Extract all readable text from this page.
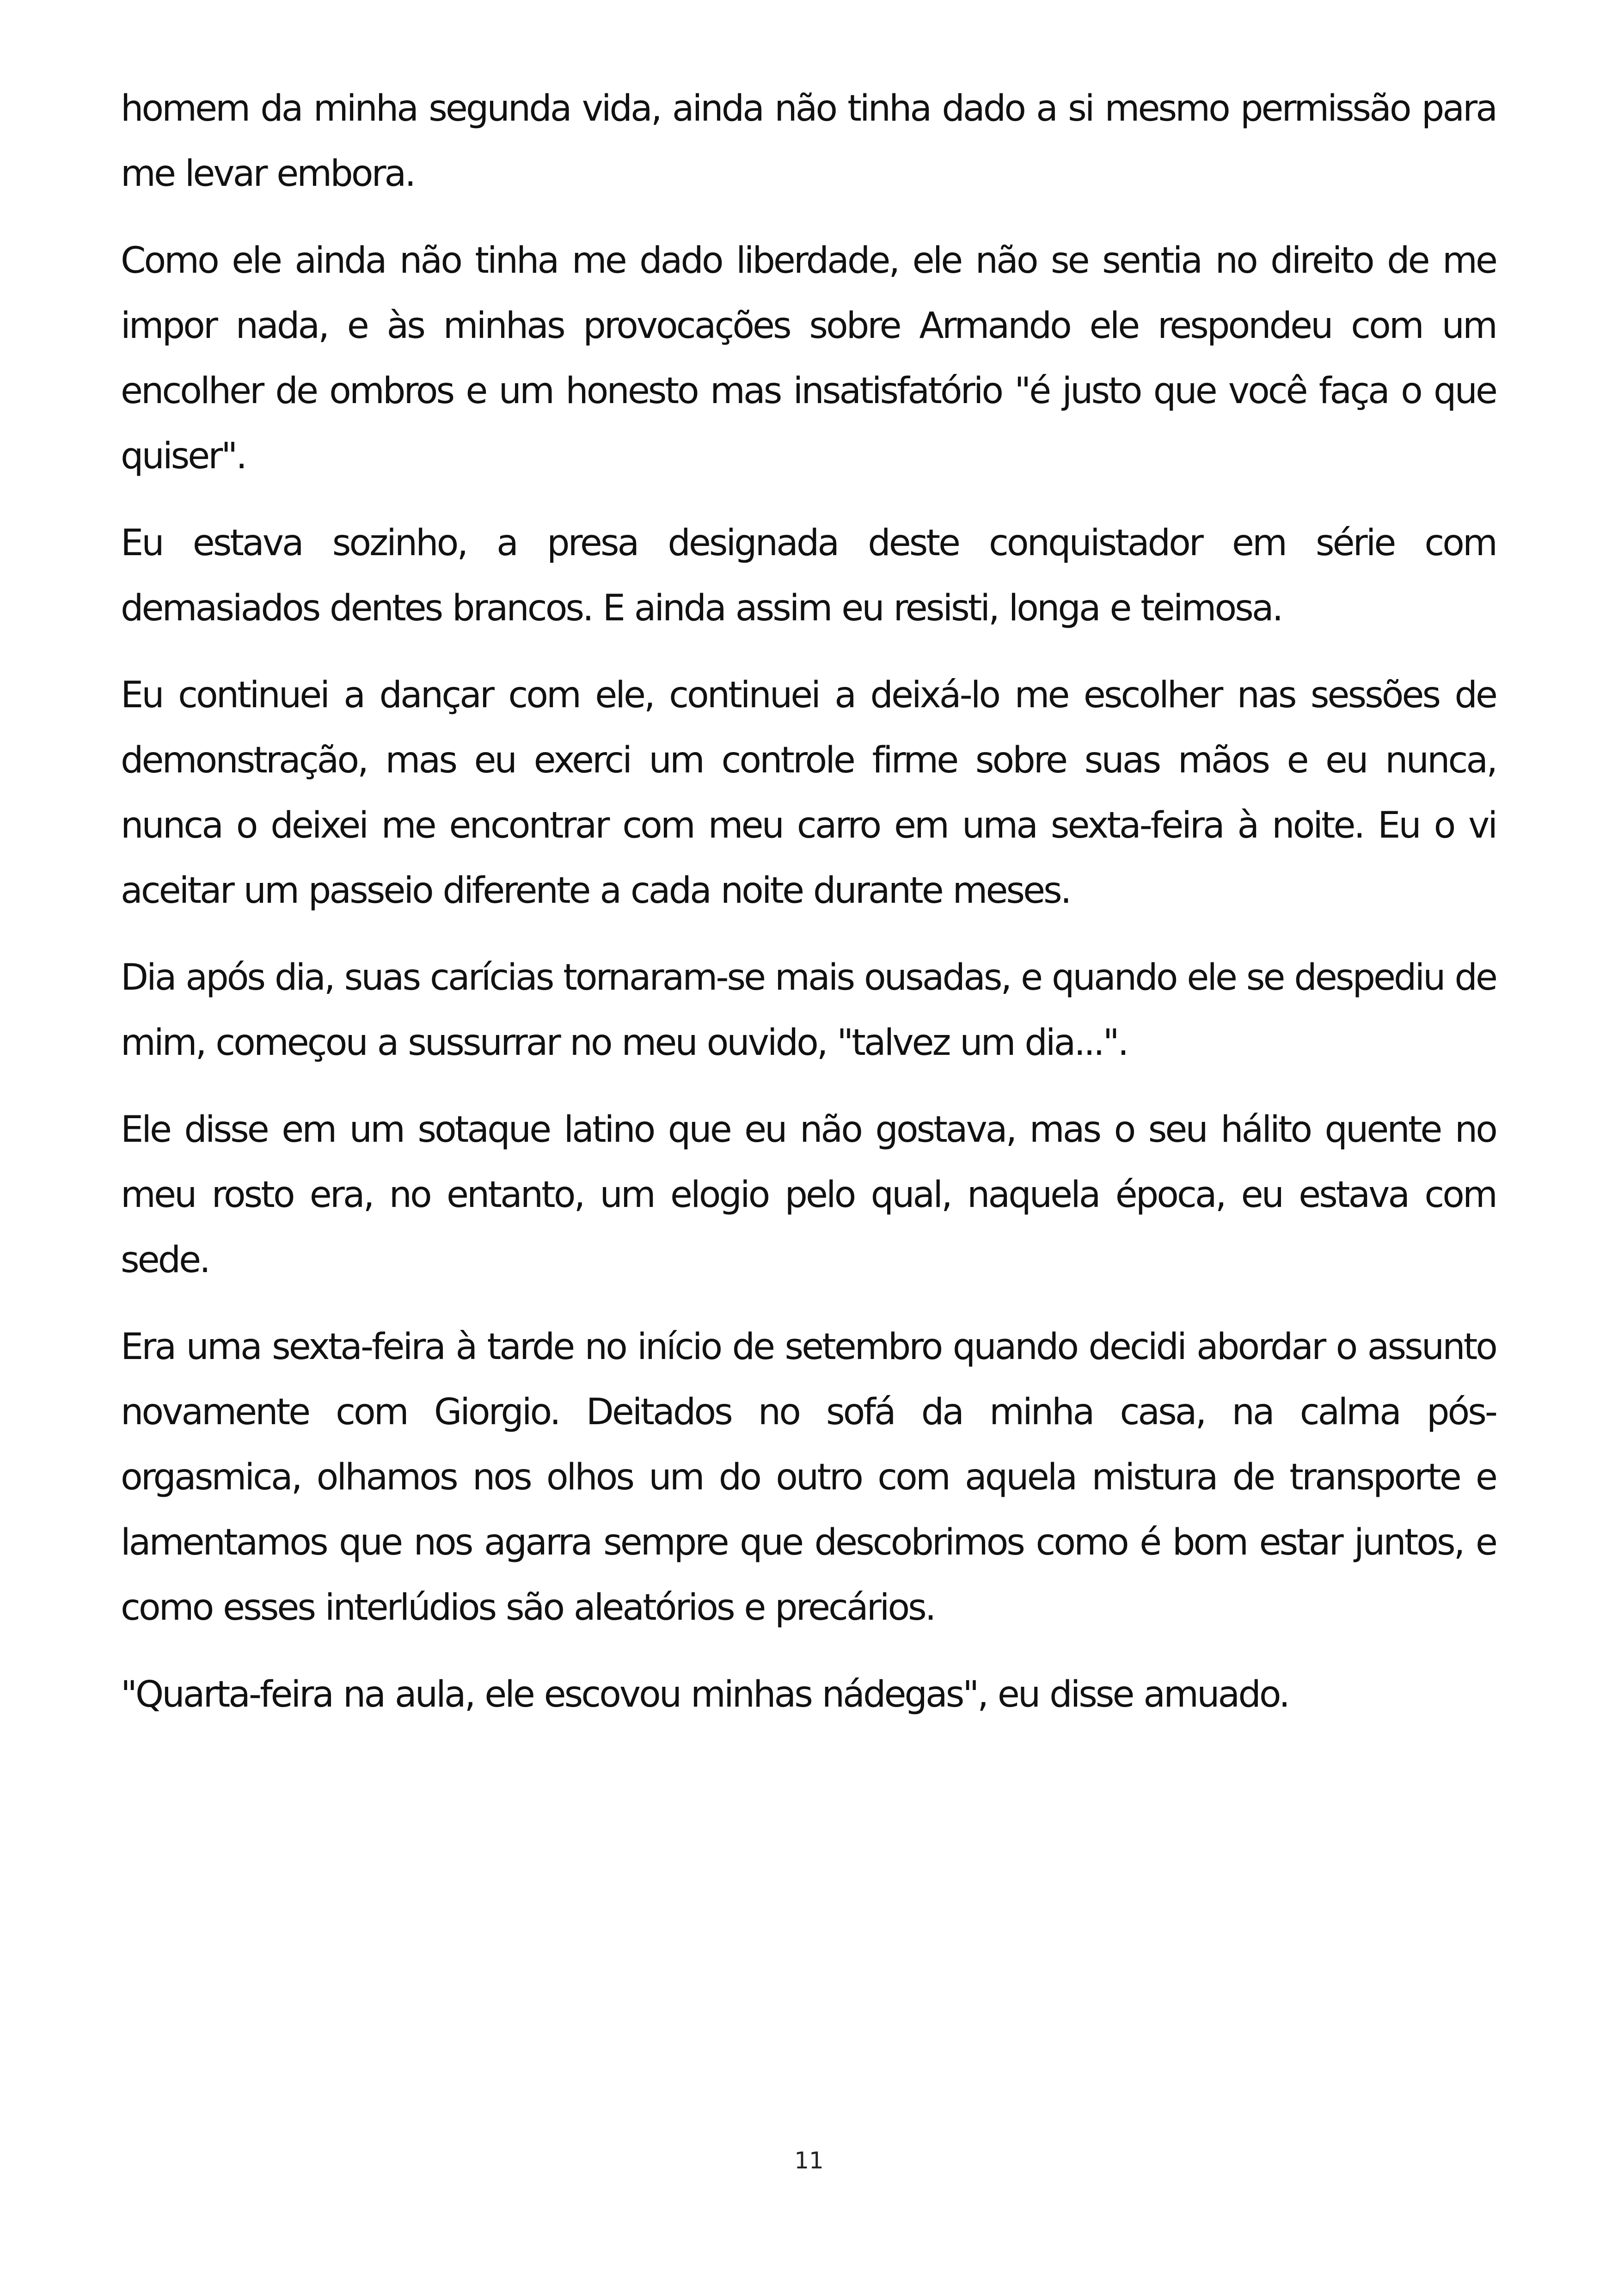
homem da minha segunda vida, ainda não tinha dado a si mesmo permissão para me levar embora.

Como ele ainda não tinha me dado liberdade, ele não se sentia no direito de me impor nada, e às minhas provocações sobre Armando ele respondeu com um encolher de ombros e um honesto mas insatisfatório "é justo que você faça o que quiser".

Eu estava sozinho, a presa designada deste conquistador em série com demasiados dentes brancos. E ainda assim eu resisti, longa e teimosa.

Eu continuei a dançar com ele, continuei a deixá-lo me escolher nas sessões de demonstração, mas eu exerci um controle firme sobre suas mãos e eu nunca, nunca o deixei me encontrar com meu carro em uma sexta-feira à noite. Eu o vi aceitar um passeio diferente a cada noite durante meses.

Dia após dia, suas carícias tornaram-se mais ousadas, e quando ele se despediu de mim, começou a sussurrar no meu ouvido, "talvez um dia...".

Ele disse em um sotaque latino que eu não gostava, mas o seu hálito quente no meu rosto era, no entanto, um elogio pelo qual, naquela época, eu estava com sede.

Era uma sexta-feira à tarde no início de setembro quando decidi abordar o assunto novamente com Giorgio. Deitados no sofá da minha casa, na calma pós-orgasmica, olhamos nos olhos um do outro com aquela mistura de transporte e lamentamos que nos agarra sempre que descobrimos como é bom estar juntos, e como esses interlúdios são aleatórios e precários.

"Quarta-feira na aula, ele escovou minhas nádegas", eu disse amuado.

11
